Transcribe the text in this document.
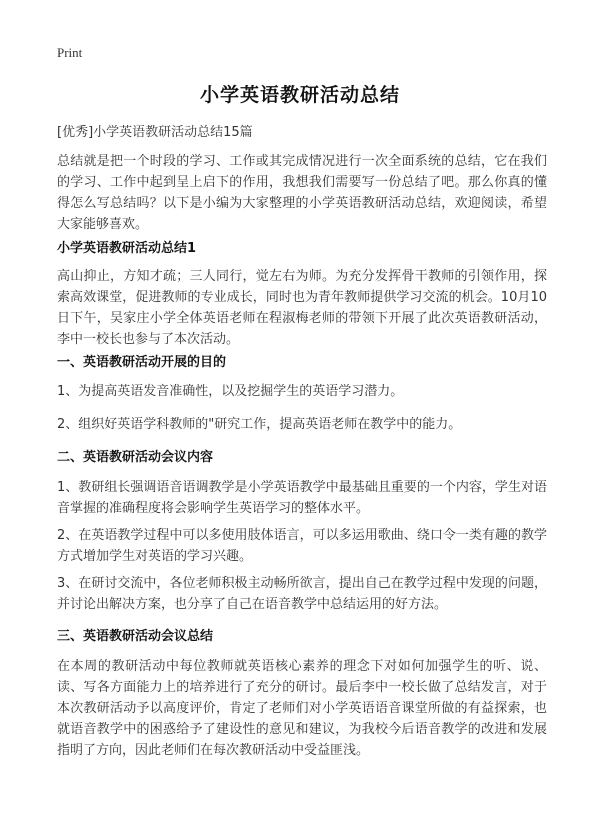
Print
小学英语教研活动总结
[优秀]小学英语教研活动总结15篇
总结就是把一个时段的学习、工作或其完成情况进行一次全面系统的总结，它在我们的学习、工作中起到呈上启下的作用，我想我们需要写一份总结了吧。那么你真的懂得怎么写总结吗？以下是小编为大家整理的小学英语教研活动总结，欢迎阅读，希望大家能够喜欢。
小学英语教研活动总结1
高山抑止，方知才疏；三人同行，觉左右为师。为充分发挥骨干教师的引领作用，探索高效课堂，促进教师的专业成长，同时也为青年教师提供学习交流的机会。10月10日下午，吴家庄小学全体英语老师在程淑梅老师的带领下开展了此次英语教研活动，李中一校长也参与了本次活动。
一、英语教研活动开展的目的
1、为提高英语发音准确性，以及挖掘学生的英语学习潜力。
2、组织好英语学科教师的"研究工作，提高英语老师在教学中的能力。
二、英语教研活动会议内容
1、教研组长强调语音语调教学是小学英语教学中最基础且重要的一个内容，学生对语音掌握的准确程度将会影响学生英语学习的整体水平。
2、在英语教学过程中可以多使用肢体语言，可以多运用歌曲、绕口令一类有趣的教学方式增加学生对英语的学习兴趣。
3、在研讨交流中，各位老师积极主动畅所欲言，提出自己在教学过程中发现的问题，并讨论出解决方案，也分享了自己在语音教学中总结运用的好方法。
三、英语教研活动会议总结
在本周的教研活动中每位教师就英语核心素养的理念下对如何加强学生的听、说、读、写各方面能力上的培养进行了充分的研讨。最后李中一校长做了总结发言，对于本次教研活动予以高度评价，肯定了老师们对小学英语语音课堂所做的有益探索，也就语音教学中的困惑给予了建设性的意见和建议，为我校今后语音教学的改进和发展指明了方向，因此老师们在每次教研活动中受益匪浅。
